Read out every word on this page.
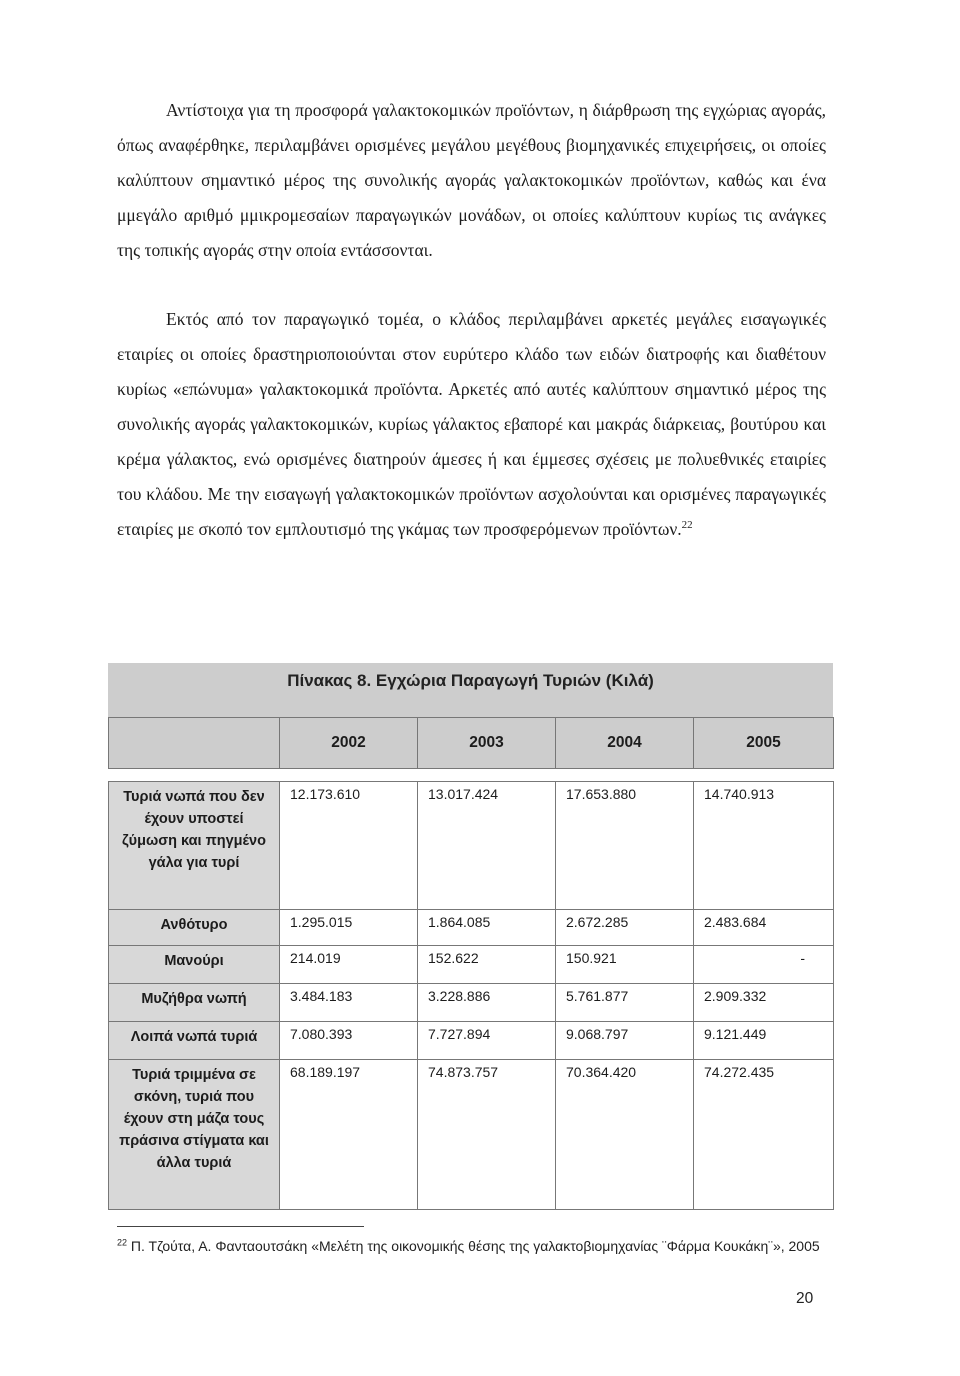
Αντίστοιχα για τη προσφορά γαλακτοκομικών προϊόντων, η διάρθρωση της εγχώριας αγοράς, όπως αναφέρθηκε, περιλαμβάνει ορισμένες μεγάλου μεγέθους βιομηχανικές επιχειρήσεις, οι οποίες καλύπτουν σημαντικό μέρος της συνολικής αγοράς γαλακτοκομικών προϊόντων, καθώς και ένα μμεγάλο αριθμό μμικρομεσαίων παραγωγικών μονάδων, οι οποίες καλύπτουν κυρίως τις ανάγκες της τοπικής αγοράς στην οποία εντάσσονται.

Εκτός από τον παραγωγικό τομέα, ο κλάδος περιλαμβάνει αρκετές μεγάλες εισαγωγικές εταιρίες οι οποίες δραστηριοποιούνται στον ευρύτερο κλάδο των ειδών διατροφής και διαθέτουν κυρίως «επώνυμα» γαλακτοκομικά προϊόντα. Αρκετές από αυτές καλύπτουν σημαντικό μέρος της συνολικής αγοράς γαλακτοκομικών, κυρίως γάλακτος εβαπορέ και μακράς διάρκειας, βουτύρου και κρέμα γάλακτος, ενώ ορισμένες διατηρούν άμεσες ή και έμμεσες σχέσεις με πολυεθνικές εταιρίες του κλάδου. Με την εισαγωγή γαλακτοκομικών προϊόντων ασχολούνται και ορισμένες παραγωγικές εταιρίες με σκοπό τον εμπλουτισμό της γκάμας των προσφερόμενων προϊόντων.$^{22}$

Πίνακας 8. Εγχώρια Παραγωγή Τυριών (Κιλά)
	2002	2003	2004	2005

Τυριά νωπά που δεν έχουν υποστεί ζύμωση και πηγμένο γάλα για τυρί	12.173.610	13.017.424	17.653.880	14.740.913
Ανθότυρο	1.295.015	1.864.085	2.672.285	2.483.684
Μανούρι	214.019	152.622	150.921	-
Μυζήθρα νωπή	3.484.183	3.228.886	5.761.877	2.909.332
Λοιπά νωπά τυριά	7.080.393	7.727.894	9.068.797	9.121.449
Τυριά τριμμένα σε σκόνη, τυριά που έχουν στη μάζα τους πράσινα στίγματα και άλλα τυριά	68.189.197	74.873.757	70.364.420	74.272.435
$^{22}$ Π. Τζούτα, Α. Φανταουτσάκη «Μελέτη της οικονομικής θέσης της γαλακτοβιομηχανίας ¨Φάρμα Κουκάκη¨», 2005
20
